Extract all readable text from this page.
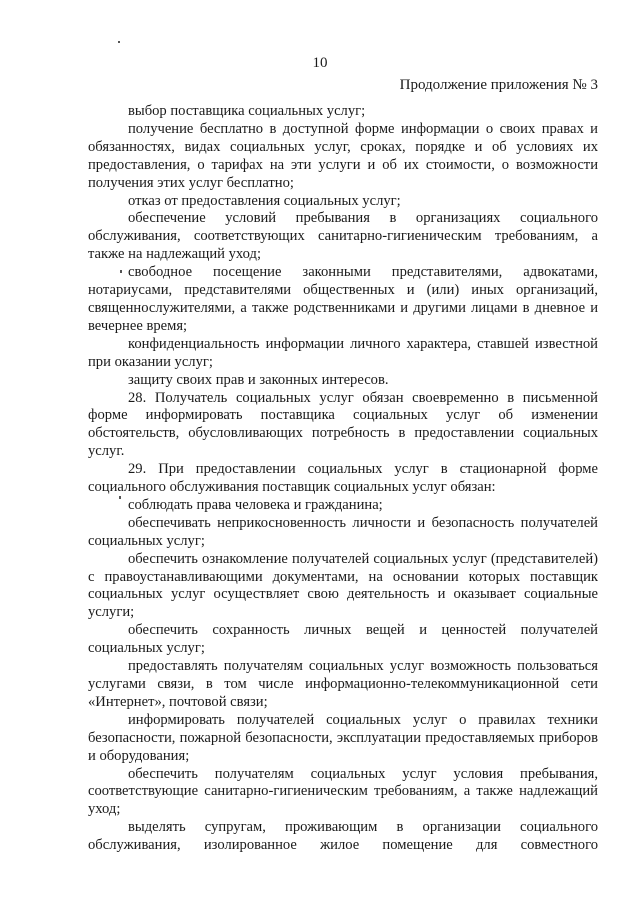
10
Продолжение приложения № 3

выбор поставщика социальных услуг;

получение бесплатно в доступной форме информации о своих правах и обязанностях, видах социальных услуг, сроках, порядке и об условиях их предоставления, о тарифах на эти услуги и об их стоимости, о возможности получения этих услуг бесплатно;

отказ от предоставления социальных услуг;

обеспечение условий пребывания в организациях социального обслуживания, соответствующих санитарно-гигиеническим требованиям, а также на надлежащий уход;

свободное посещение законными представителями, адвокатами, нотариусами, представителями общественных и (или) иных организаций, священнослужителями, а также родственниками и другими лицами в дневное и вечернее время;

конфиденциальность информации личного характера, ставшей известной при оказании услуг;

защиту своих прав и законных интересов.

28. Получатель социальных услуг обязан своевременно в письменной форме информировать поставщика социальных услуг об изменении обстоятельств, обусловливающих потребность в предоставлении социальных услуг.

29. При предоставлении социальных услуг в стационарной форме социального обслуживания поставщик социальных услуг обязан:

соблюдать права человека и гражданина;

обеспечивать неприкосновенность личности и безопасность получателей социальных услуг;

обеспечить ознакомление получателей социальных услуг (представителей) с правоустанавливающими документами, на основании которых поставщик социальных услуг осуществляет свою деятельность и оказывает социальные услуги;

обеспечить сохранность личных вещей и ценностей получателей социальных услуг;

предоставлять получателям социальных услуг возможность пользоваться услугами связи, в том числе информационно-телекоммуникационной сети «Интернет», почтовой связи;

информировать получателей социальных услуг о правилах техники безопасности, пожарной безопасности, эксплуатации предоставляемых приборов и оборудования;

обеспечить получателям социальных услуг условия пребывания, соответствующие санитарно-гигиеническим требованиям, а также надлежащий уход;

выделять супругам, проживающим в организации социального обслуживания, изолированное жилое помещение для совместного
